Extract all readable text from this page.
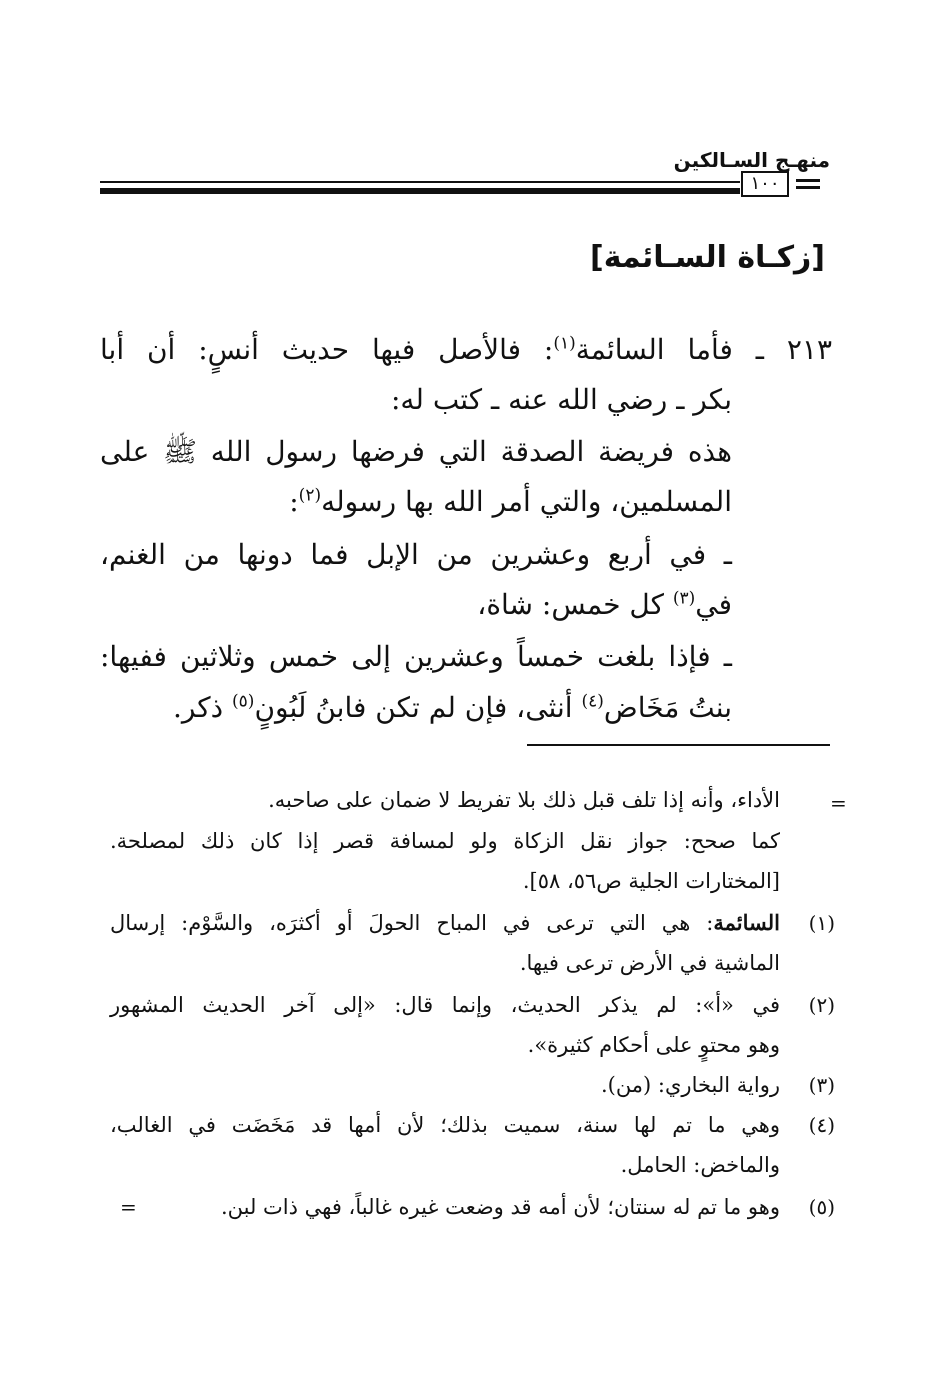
منهـج السـالكين
١٠٠
[زكـاة السـائمة]
٢١٣ ـ فأما السائمة$^{(١)}$: فالأصل فيها حديث أنسٍ: أن أبا
بكر ـ رضي الله عنه ـ كتب له:
هذه فريضة الصدقة التي فرضها رسول الله ﷺ على
المسلمين، والتي أمر الله بها رسوله$^{(٢)}$:
ـ في أربع وعشرين من الإبل فما دونها من الغنم،
في$^{(٣)}$ كل خمس: شاة،
ـ فإذا بلغت خمساً وعشرين إلى خمس وثلاثين ففيها:
بنتُ مَخَاض$^{(٤)}$ أنثى، فإن لم تكن فابنُ لَبُونٍ$^{(٥)}$ ذكر.
=
الأداء، وأنه إذا تلف قبل ذلك بلا تفريط لا ضمان على صاحبه.
كما صحح: جواز نقل الزكاة ولو لمسافة قصر إذا كان ذلك لمصلحة.
[المختارات الجلية ص٥٦، ٥٨].
(١)
السائمة: هي التي ترعى في المباح الحولَ أو أكثرَه، والسَّوْم: إرسال
الماشية في الأرض ترعى فيها.
(٢)
في «أ»: لم يذكر الحديث، وإنما قال: «إلى آخر الحديث المشهور
وهو محتوٍ على أحكام كثيرة».
(٣)
رواية البخاري: (من).
(٤)
وهي ما تم لها سنة، سميت بذلك؛ لأن أمها قد مَخَضَت في الغالب،
والماخض: الحامل.
(٥)
وهو ما تم له سنتان؛ لأن أمه قد وضعت غيره غالباً، فهي ذات لبن.
=
